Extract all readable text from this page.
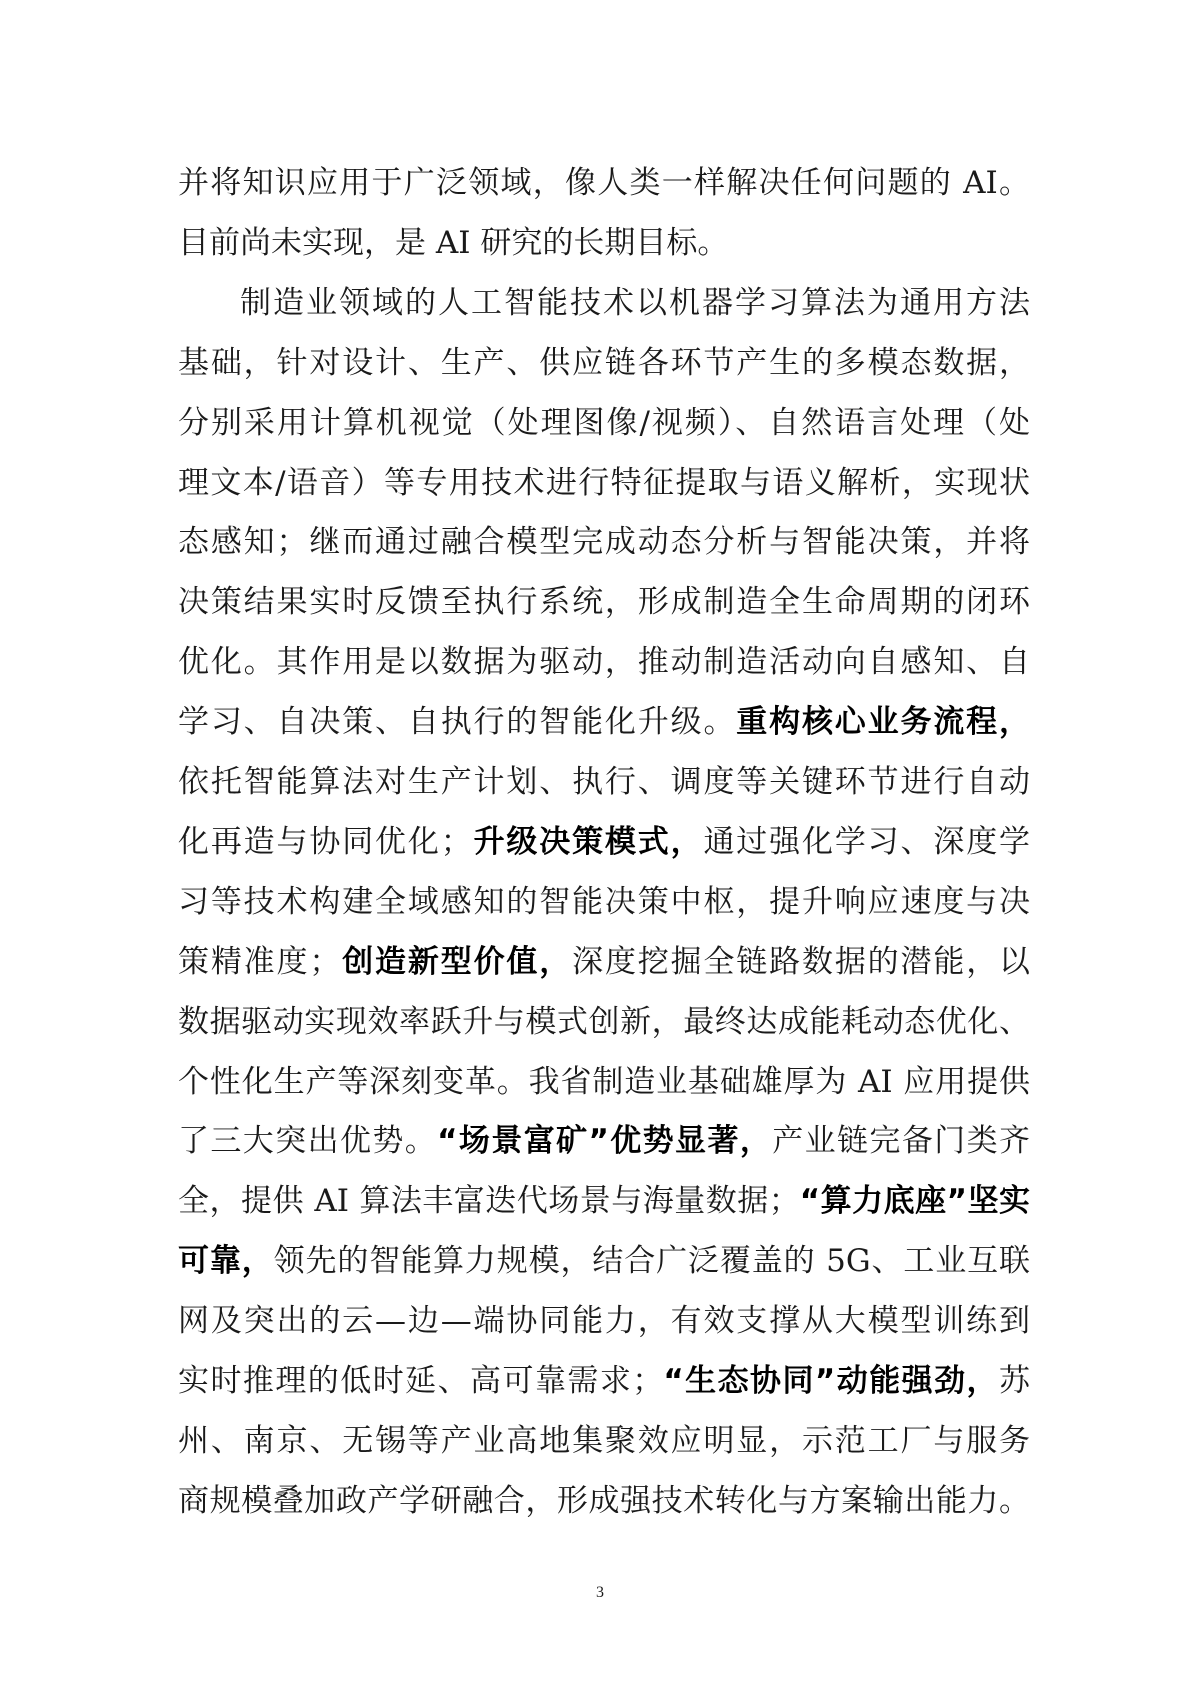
并将知识应用于广泛领域，像人类一样解决任何问题的 AI。
目前尚未实现，是 AI 研究的长期目标。
制造业领域的人工智能技术以机器学习算法为通用方法
基础，针对设计、生产、供应链各环节产生的多模态数据，
分别采用计算机视觉（处理图像/视频）、自然语言处理（处
理文本/语音）等专用技术进行特征提取与语义解析，实现状
态感知；继而通过融合模型完成动态分析与智能决策，并将
决策结果实时反馈至执行系统，形成制造全生命周期的闭环
优化。其作用是以数据为驱动，推动制造活动向自感知、自
学习、自决策、自执行的智能化升级。重构核心业务流程，
依托智能算法对生产计划、执行、调度等关键环节进行自动
化再造与协同优化；升级决策模式，通过强化学习、深度学
习等技术构建全域感知的智能决策中枢，提升响应速度与决
策精准度；创造新型价值，深度挖掘全链路数据的潜能，以
数据驱动实现效率跃升与模式创新，最终达成能耗动态优化、
个性化生产等深刻变革。我省制造业基础雄厚为 AI 应用提供
了三大突出优势。“场景富矿”优势显著，产业链完备门类齐
全，提供 AI 算法丰富迭代场景与海量数据；“算力底座”坚实
可靠，领先的智能算力规模，结合广泛覆盖的 5G、工业互联
网及突出的云—边—端协同能力，有效支撑从大模型训练到
实时推理的低时延、高可靠需求；“生态协同”动能强劲，苏
州、南京、无锡等产业高地集聚效应明显，示范工厂与服务
商规模叠加政产学研融合，形成强技术转化与方案输出能力。
3
